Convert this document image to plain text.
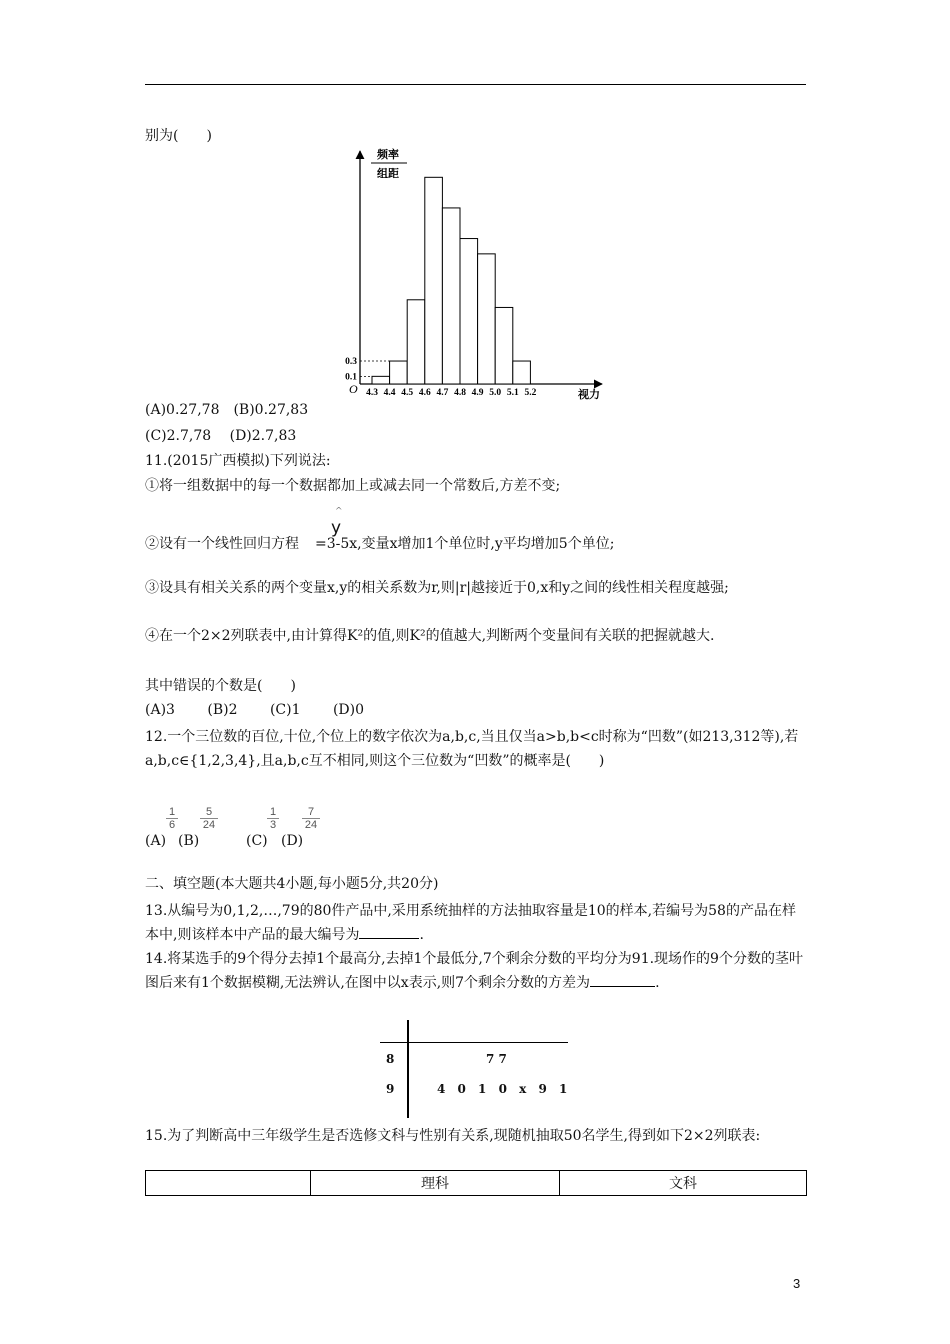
别为(　　)
频率
组距
视力
O 4.3 4.4 4.5 4.6 4.7 4.8 4.9 5.0 5.1 5.2
0.1
0.3
(A)0.27,78　(B)0.27,83
(C)2.7,78　 (D)2.7,83
11.(2015广西模拟)下列说法:
①将一组数据中的每一个数据都加上或减去同一个常数后,方差不变;
②设有一个线性回归方程 =3-5x,变量x增加1个单位时,y平均增加5个单位;
^
y
③设具有相关关系的两个变量x,y的相关系数为r,则|r|越接近于0,x和y之间的线性相关程度越强;
④在一个2×2列联表中,由计算得K²的值,则K²的值越大,判断两个变量间有关联的把握就越大.
其中错误的个数是(　　)
(A)3　　 (B)2　　 (C)1　　 (D)0
12.一个三位数的百位,十位,个位上的数字依次为a,b,c,当且仅当a>b,b<c时称为“凹数”(如213,312等),若a,b,c∈{1,2,3,4},且a,b,c互不相同,则这个三位数为“凹数”的概率是(　　)
(A)
$\frac{1}{6}$
(B)
$\frac{5}{24}$
(C)
$\frac{1}{3}$
(D)
$\frac{7}{24}$
二、填空题(本大题共4小题,每小题5分,共20分)
13.从编号为0,1,2,…,79的80件产品中,采用系统抽样的方法抽取容量是10的样本,若编号为58的产品在样本中,则该样本中产品的最大编号为	.
14.将某选手的9个得分去掉1个最高分,去掉1个最低分,7个剩余分数的平均分为91.现场作的9个分数的茎叶图后来有1个数据模糊,无法辨认,在图中以x表示,则7个剩余分数的方差为	.
8	7 7
9	4 0 1 0 x 9 1
15.为了判断高中三年级学生是否选修文科与性别有关系,现随机抽取50名学生,得到如下2×2列联表:
	理科	文科
3
